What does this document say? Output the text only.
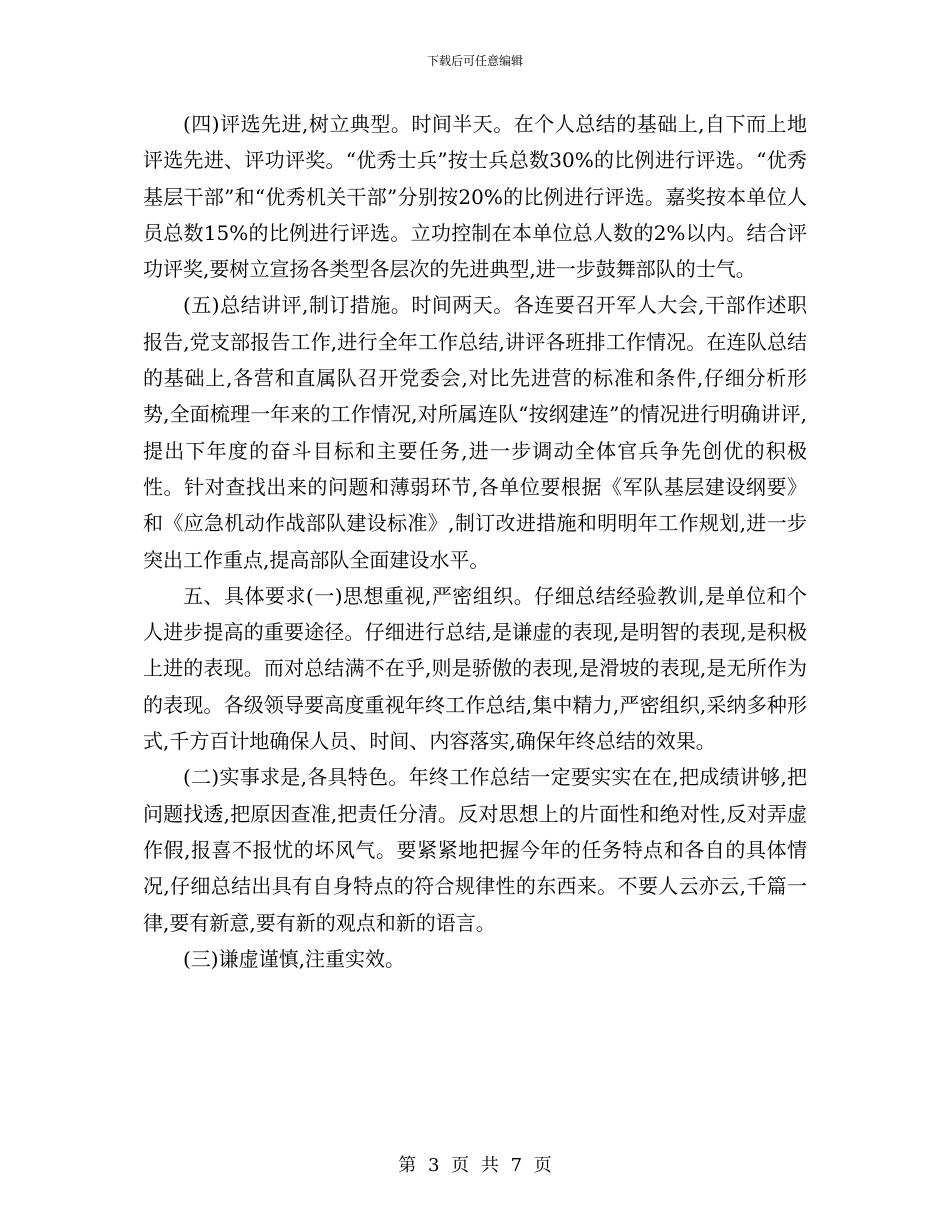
下载后可任意编辑

(四)评选先进,树立典型。时间半天。在个人总结的基础上,自下而上地评选先进、评功评奖。“优秀士兵”按士兵总数30%的比例进行评选。“优秀基层干部”和“优秀机关干部”分别按20%的比例进行评选。嘉奖按本单位人员总数15%的比例进行评选。立功控制在本单位总人数的2%以内。结合评功评奖,要树立宣扬各类型各层次的先进典型,进一步鼓舞部队的士气。

(五)总结讲评,制订措施。时间两天。各连要召开军人大会,干部作述职报告,党支部报告工作,进行全年工作总结,讲评各班排工作情况。在连队总结的基础上,各营和直属队召开党委会,对比先进营的标准和条件,仔细分析形势,全面梳理一年来的工作情况,对所属连队“按纲建连”的情况进行明确讲评,提出下年度的奋斗目标和主要任务,进一步调动全体官兵争先创优的积极性。针对查找出来的问题和薄弱环节,各单位要根据《军队基层建设纲要》和《应急机动作战部队建设标准》,制订改进措施和明明年工作规划,进一步突出工作重点,提高部队全面建设水平。

五、具体要求(一)思想重视,严密组织。仔细总结经验教训,是单位和个人进步提高的重要途径。仔细进行总结,是谦虚的表现,是明智的表现,是积极上进的表现。而对总结满不在乎,则是骄傲的表现,是滑坡的表现,是无所作为的表现。各级领导要高度重视年终工作总结,集中精力,严密组织,采纳多种形式,千方百计地确保人员、时间、内容落实,确保年终总结的效果。

(二)实事求是,各具特色。年终工作总结一定要实实在在,把成绩讲够,把问题找透,把原因查准,把责任分清。反对思想上的片面性和绝对性,反对弄虚作假,报喜不报忧的坏风气。要紧紧地把握今年的任务特点和各自的具体情况,仔细总结出具有自身特点的符合规律性的东西来。不要人云亦云,千篇一律,要有新意,要有新的观点和新的语言。

(三)谦虚谨慎,注重实效。

第 3 页 共 7 页
